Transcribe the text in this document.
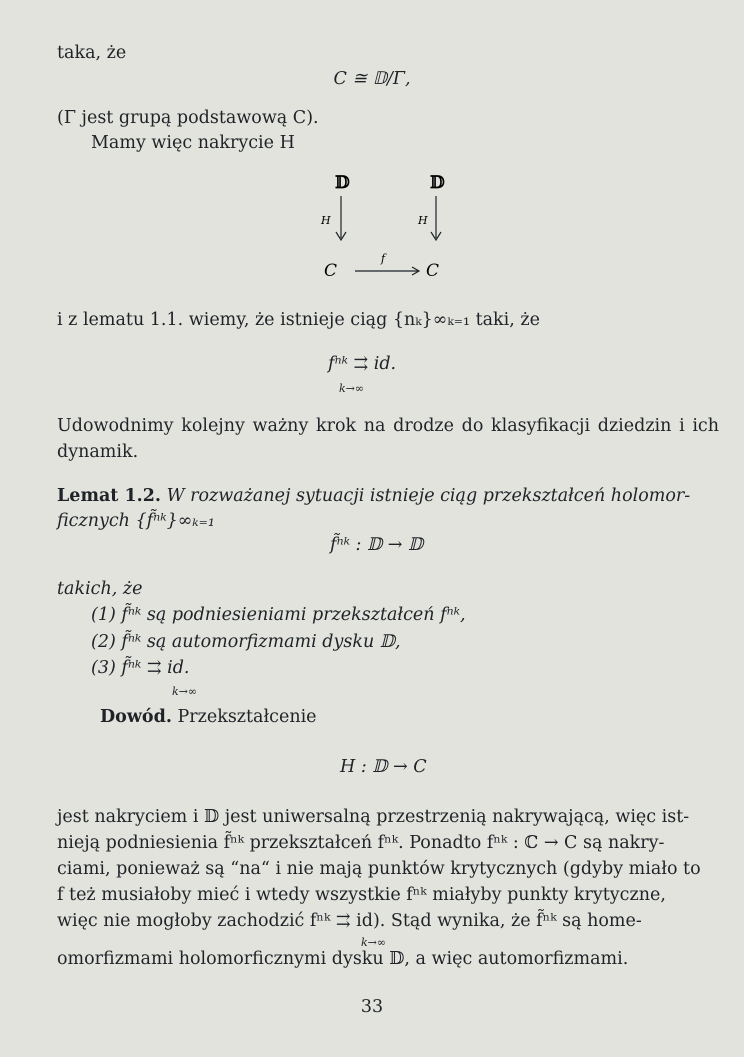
taka, że
C ≅ 𝔻/Γ,
(Γ jest grupą podstawową C).
Mamy więc nakrycie H
𝔻	𝔻
H	H
C	C
f
i z lematu 1.1. wiemy, że istnieje ciąg {nₖ}∞ₖ₌₁ taki, że
fⁿᵏ ⇉ id.
k→∞
Udowodnimy kolejny ważny krok na drodze do klasyfikacji dziedzin i ich dynamik.
Lemat 1.2. W rozważanej sytuacji istnieje ciąg przekształceń holomor-
ficznych {f̃ⁿᵏ}∞ₖ₌₁
f̃ⁿᵏ : 𝔻 → 𝔻
takich, że
(1) f̃ⁿᵏ są podniesieniami przekształceń fⁿᵏ,
(2) f̃ⁿᵏ są automorfizmami dysku 𝔻,
(3) f̃ⁿᵏ ⇉ id.
k→∞
Dowód. Przekształcenie
H : 𝔻 → C
jest nakryciem i 𝔻 jest uniwersalną przestrzenią nakrywającą, więc ist-
nieją podniesienia f̃ⁿᵏ przekształceń fⁿᵏ. Ponadto fⁿᵏ : ℂ → C są nakry-
ciami, ponieważ są “na“ i nie mają punktów krytycznych (gdyby miało to
f też musiałoby mieć i wtedy wszystkie fⁿᵏ miałyby punkty krytyczne,
więc nie mogłoby zachodzić fⁿᵏ ⇉ id). Stąd wynika, że f̃ⁿᵏ są home-
k→∞
omorfizmami holomorficznymi dysku 𝔻, a więc automorfizmami.
33
